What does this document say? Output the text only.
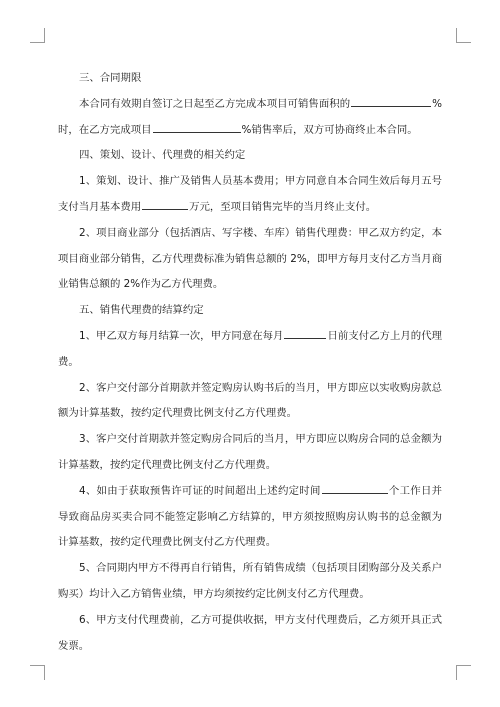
三、合同期限

本合同有效期自签订之日起至乙方完成本项目可销售面积的	%时，在乙方完成项目	%销售率后，双方可协商终止本合同。

四、策划、设计、代理费的相关约定

1、策划、设计、推广及销售人员基本费用；甲方同意自本合同生效后每月五号支付当月基本费用	万元，至项目销售完毕的当月终止支付。

2、项目商业部分（包括酒店、写字楼、车库）销售代理费：甲乙双方约定，本项目商业部分销售，乙方代理费标准为销售总额的 2%，即甲方每月支付乙方当月商业销售总额的 2%作为乙方代理费。

五、销售代理费的结算约定

1、甲乙双方每月结算一次，甲方同意在每月	日前支付乙方上月的代理费。

2、客户交付部分首期款并签定购房认购书后的当月，甲方即应以实收购房款总额为计算基数，按约定代理费比例支付乙方代理费。

3、客户交付首期款并签定购房合同后的当月，甲方即应以购房合同的总金额为计算基数，按约定代理费比例支付乙方代理费。

4、如由于获取预售许可证的时间超出上述约定时间	个工作日并导致商品房买卖合同不能签定影响乙方结算的，甲方须按照购房认购书的总金额为计算基数，按约定代理费比例支付乙方代理费。

5、合同期内甲方不得再自行销售，所有销售成绩（包括项目团购部分及关系户购买）均计入乙方销售业绩，甲方均须按约定比例支付乙方代理费。

6、甲方支付代理费前，乙方可提供收据，甲方支付代理费后，乙方须开具正式发票。
